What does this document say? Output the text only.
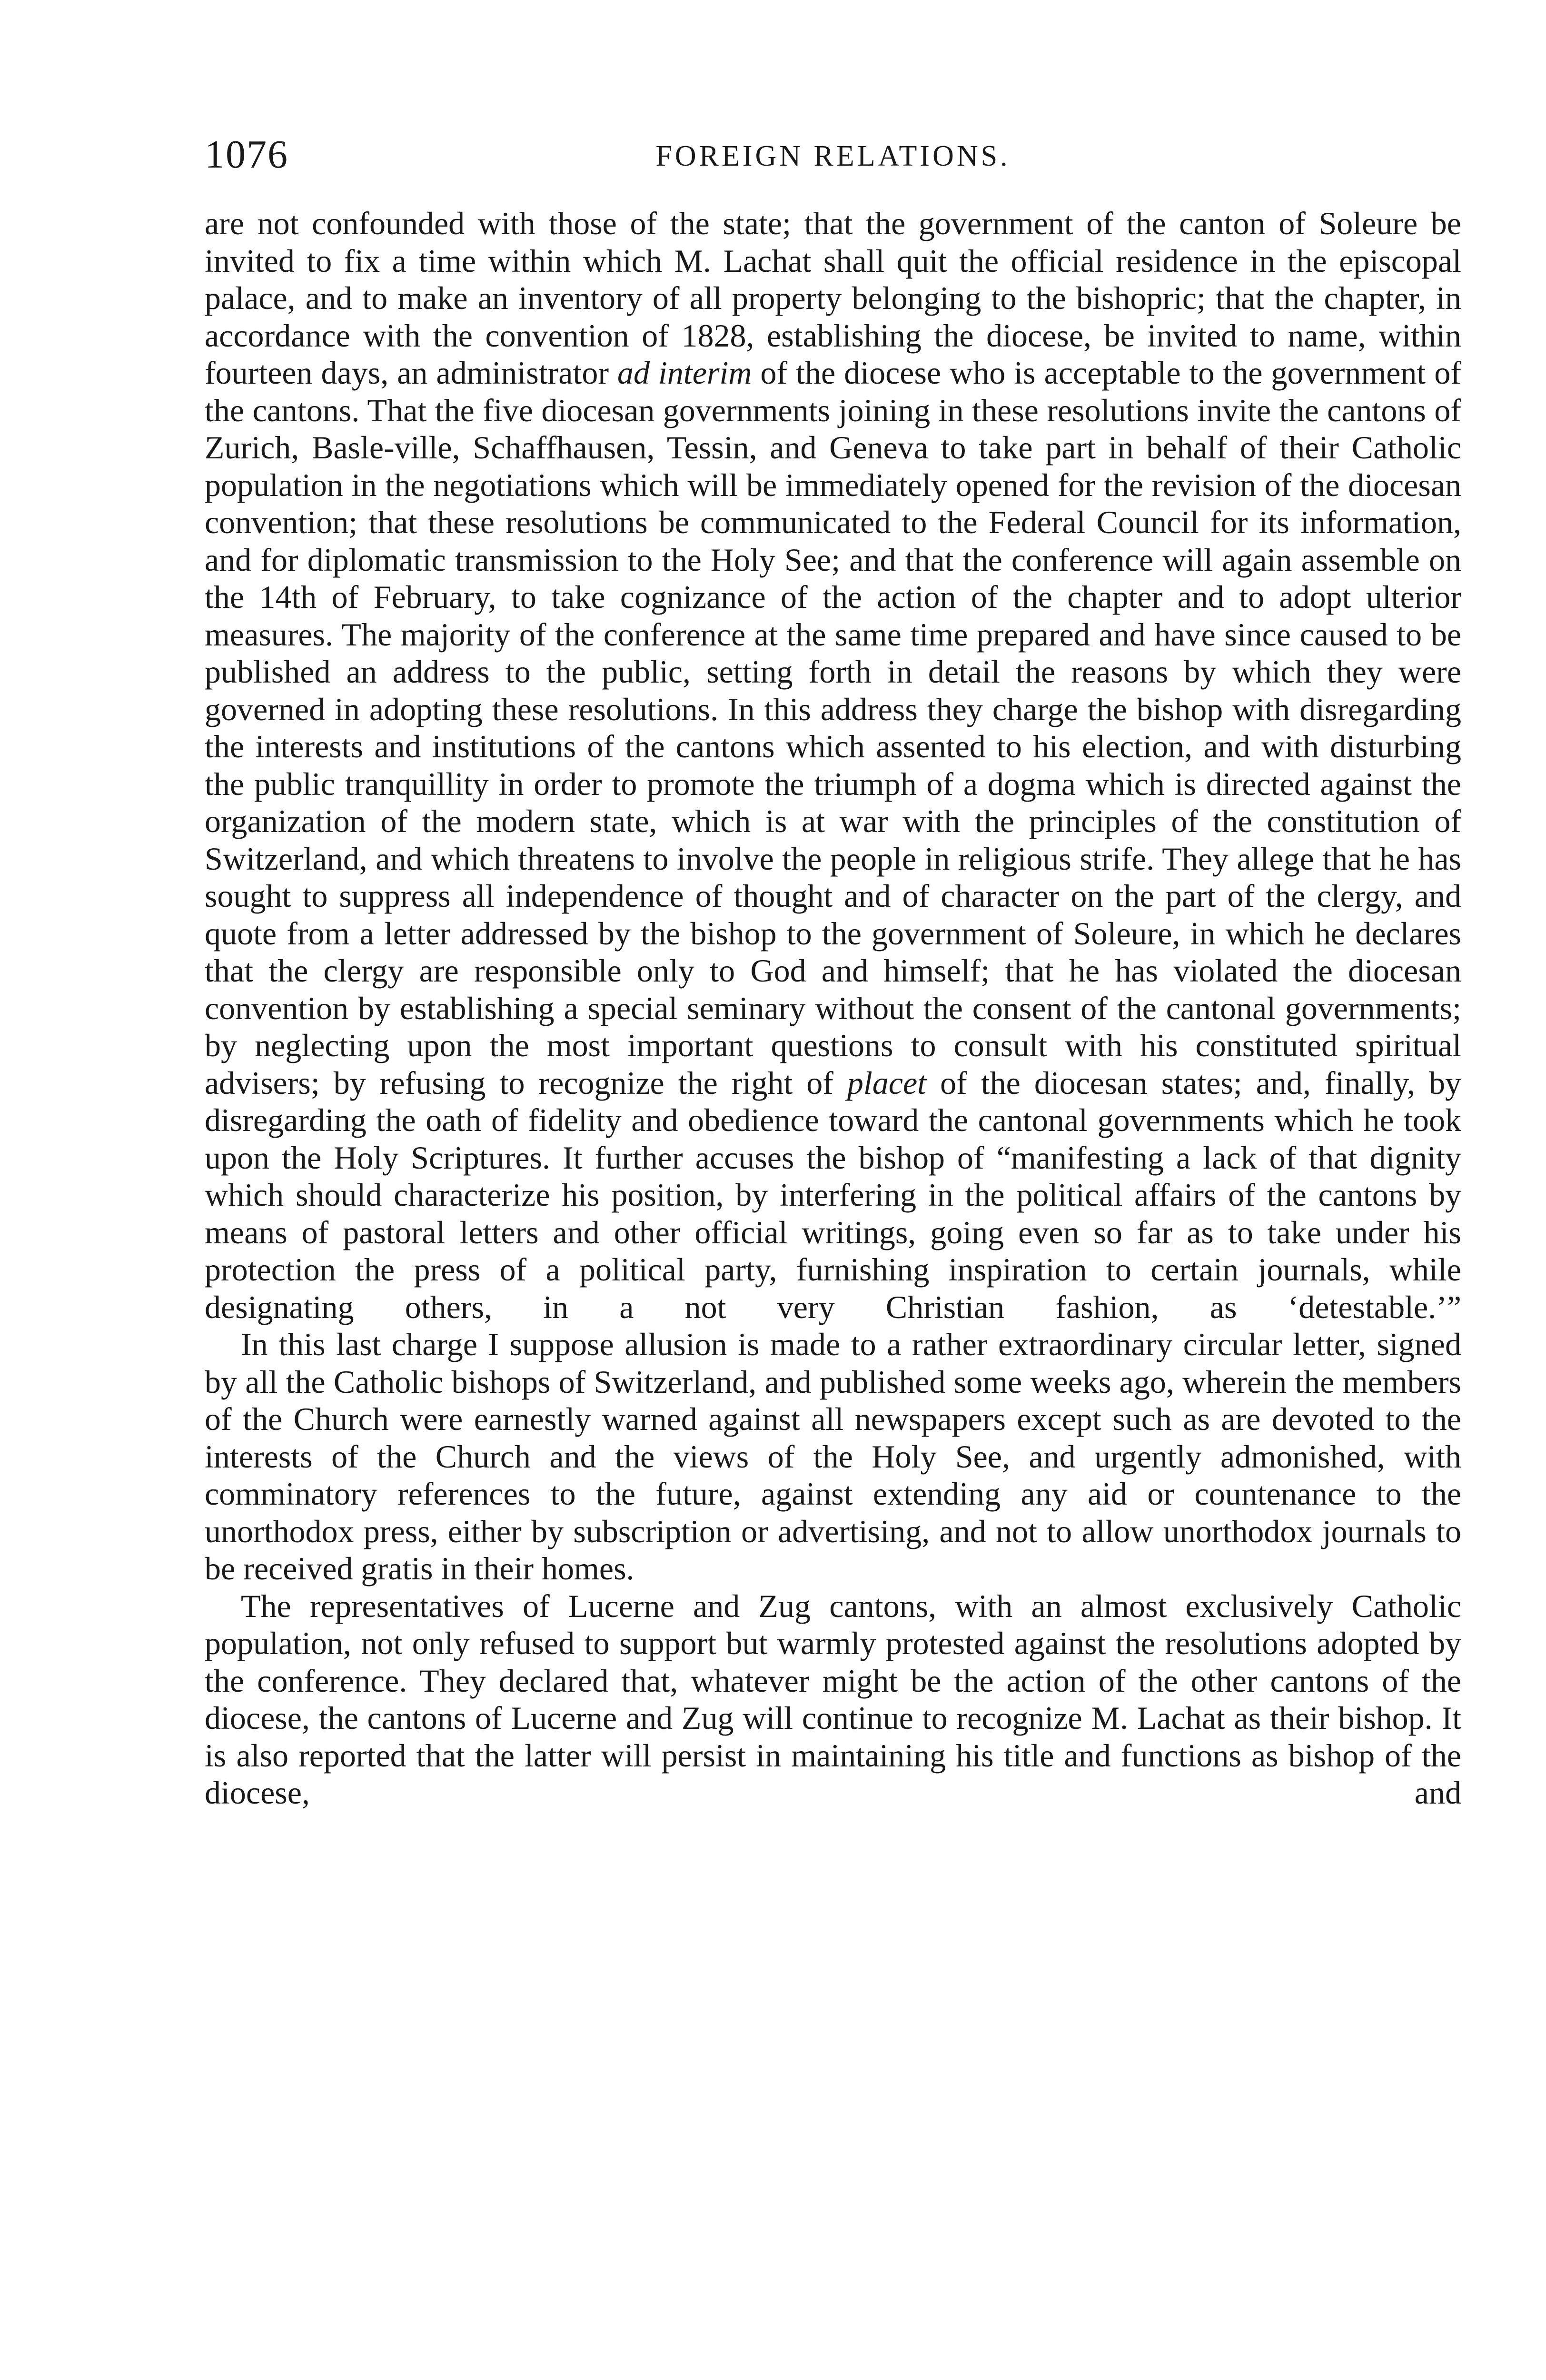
1076	FOREIGN RELATIONS.

are not confounded with those of the state; that the government of the canton of Soleure be invited to fix a time within which M. Lachat shall quit the official residence in the episcopal palace, and to make an inventory of all property belonging to the bishopric; that the chapter, in accordance with the convention of 1828, establishing the diocese, be invited to name, within fourteen days, an administrator ad interim of the diocese who is acceptable to the government of the cantons. That the five diocesan governments joining in these resolutions invite the cantons of Zurich, Basle-ville, Schaffhausen, Tessin, and Geneva to take part in behalf of their Catholic population in the negotiations which will be immediately opened for the revision of the diocesan convention; that these resolutions be communicated to the Federal Council for its information, and for diplomatic transmission to the Holy See; and that the conference will again assemble on the 14th of February, to take cognizance of the action of the chapter and to adopt ulterior measures. The majority of the conference at the same time prepared and have since caused to be published an address to the public, setting forth in detail the reasons by which they were governed in adopting these resolutions. In this address they charge the bishop with disregarding the interests and institutions of the cantons which assented to his election, and with disturbing the public tranquillity in order to promote the triumph of a dogma which is directed against the organization of the modern state, which is at war with the principles of the constitution of Switzerland, and which threatens to involve the people in religious strife. They allege that he has sought to suppress all independence of thought and of character on the part of the clergy, and quote from a letter addressed by the bishop to the government of Soleure, in which he declares that the clergy are responsible only to God and himself; that he has violated the diocesan convention by establishing a special seminary without the consent of the cantonal governments; by neglecting upon the most important questions to consult with his constituted spiritual advisers; by refusing to recognize the right of placet of the diocesan states; and, finally, by disregarding the oath of fidelity and obedience toward the cantonal governments which he took upon the Holy Scriptures. It further accuses the bishop of “manifesting a lack of that dignity which should characterize his position, by interfering in the political affairs of the cantons by means of pastoral letters and other official writings, going even so far as to take under his protection the press of a political party, furnishing inspiration to certain journals, while designating others, in a not very Christian fashion, as ‘detestable.’”

In this last charge I suppose allusion is made to a rather extraordinary circular letter, signed by all the Catholic bishops of Switzerland, and published some weeks ago, wherein the members of the Church were earnestly warned against all newspapers except such as are devoted to the interests of the Church and the views of the Holy See, and urgently admonished, with comminatory references to the future, against extending any aid or countenance to the unorthodox press, either by subscription or advertising, and not to allow unorthodox journals to be received gratis in their homes.

The representatives of Lucerne and Zug cantons, with an almost exclusively Catholic population, not only refused to support but warmly protested against the resolutions adopted by the conference. They declared that, whatever might be the action of the other cantons of the diocese, the cantons of Lucerne and Zug will continue to recognize M. Lachat as their bishop. It is also reported that the latter will persist in maintaining his title and functions as bishop of the diocese, and
